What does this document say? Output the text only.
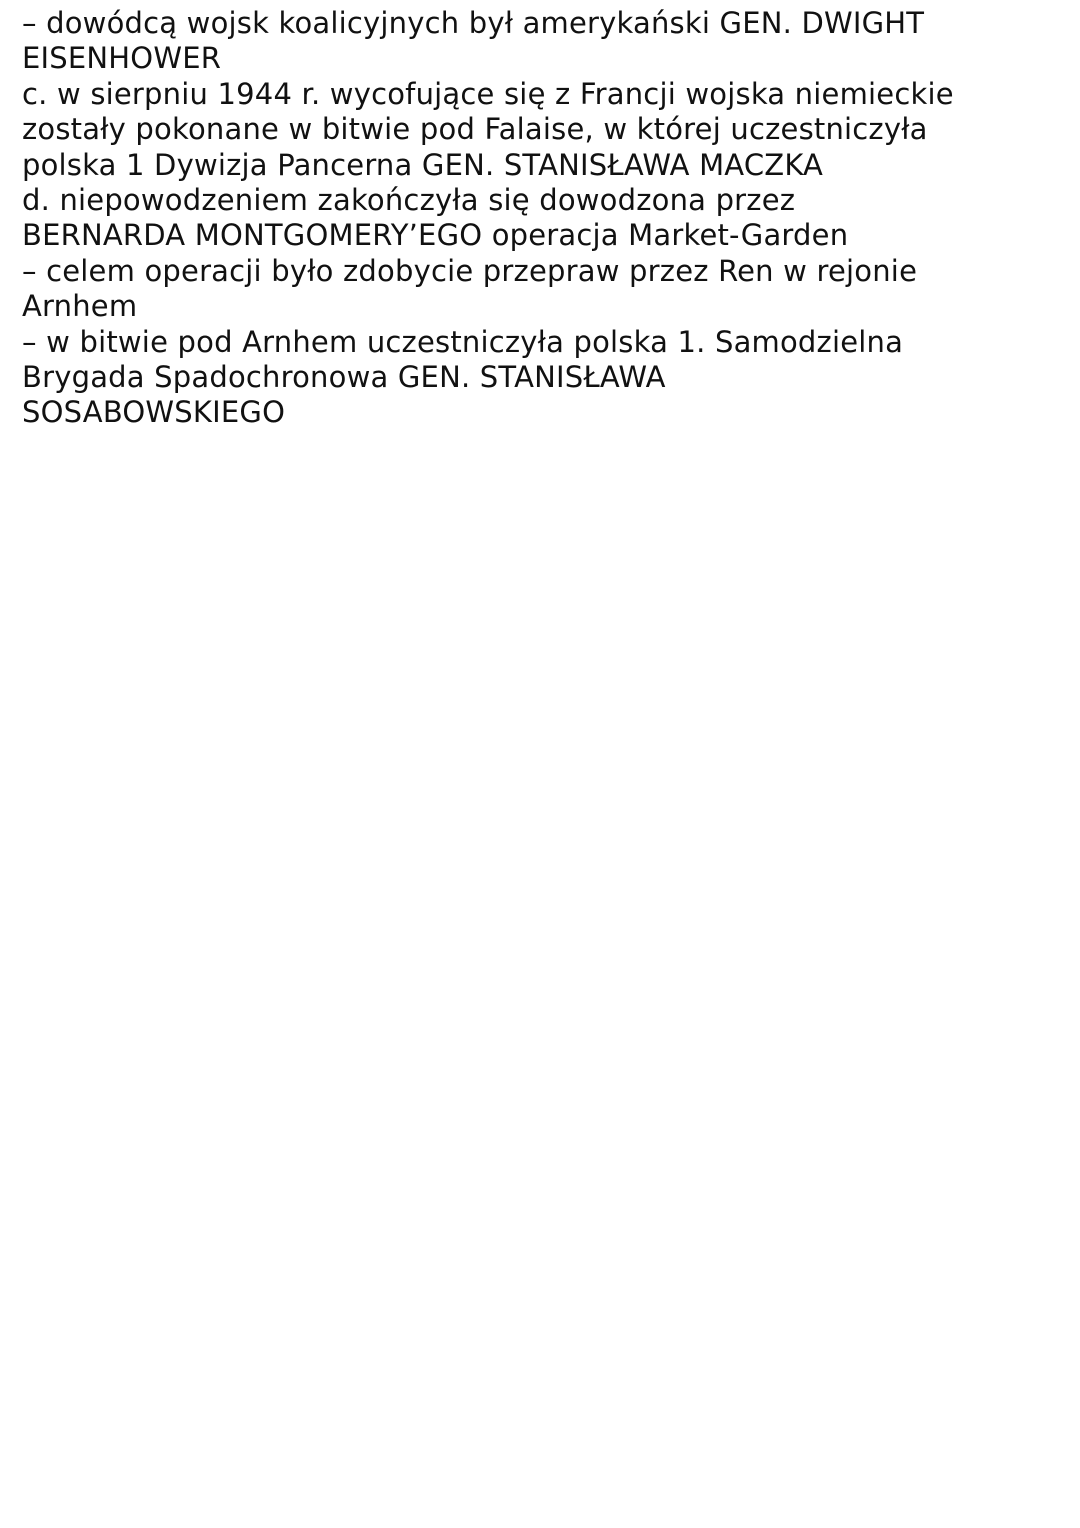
– dowódcą wojsk koalicyjnych był amerykański GEN. DWIGHT
EISENHOWER
c. w sierpniu 1944 r. wycofujące się z Francji wojska niemieckie
zostały pokonane w bitwie pod Falaise, w której uczestniczyła
polska 1 Dywizja Pancerna GEN. STANISŁAWA MACZKA
d. niepowodzeniem zakończyła się dowodzona przez
BERNARDA MONTGOMERY’EGO operacja Market-Garden
– celem operacji było zdobycie przepraw przez Ren w rejonie
Arnhem
– w bitwie pod Arnhem uczestniczyła polska 1. Samodzielna
Brygada Spadochronowa GEN. STANISŁAWA
SOSABOWSKIEGO
